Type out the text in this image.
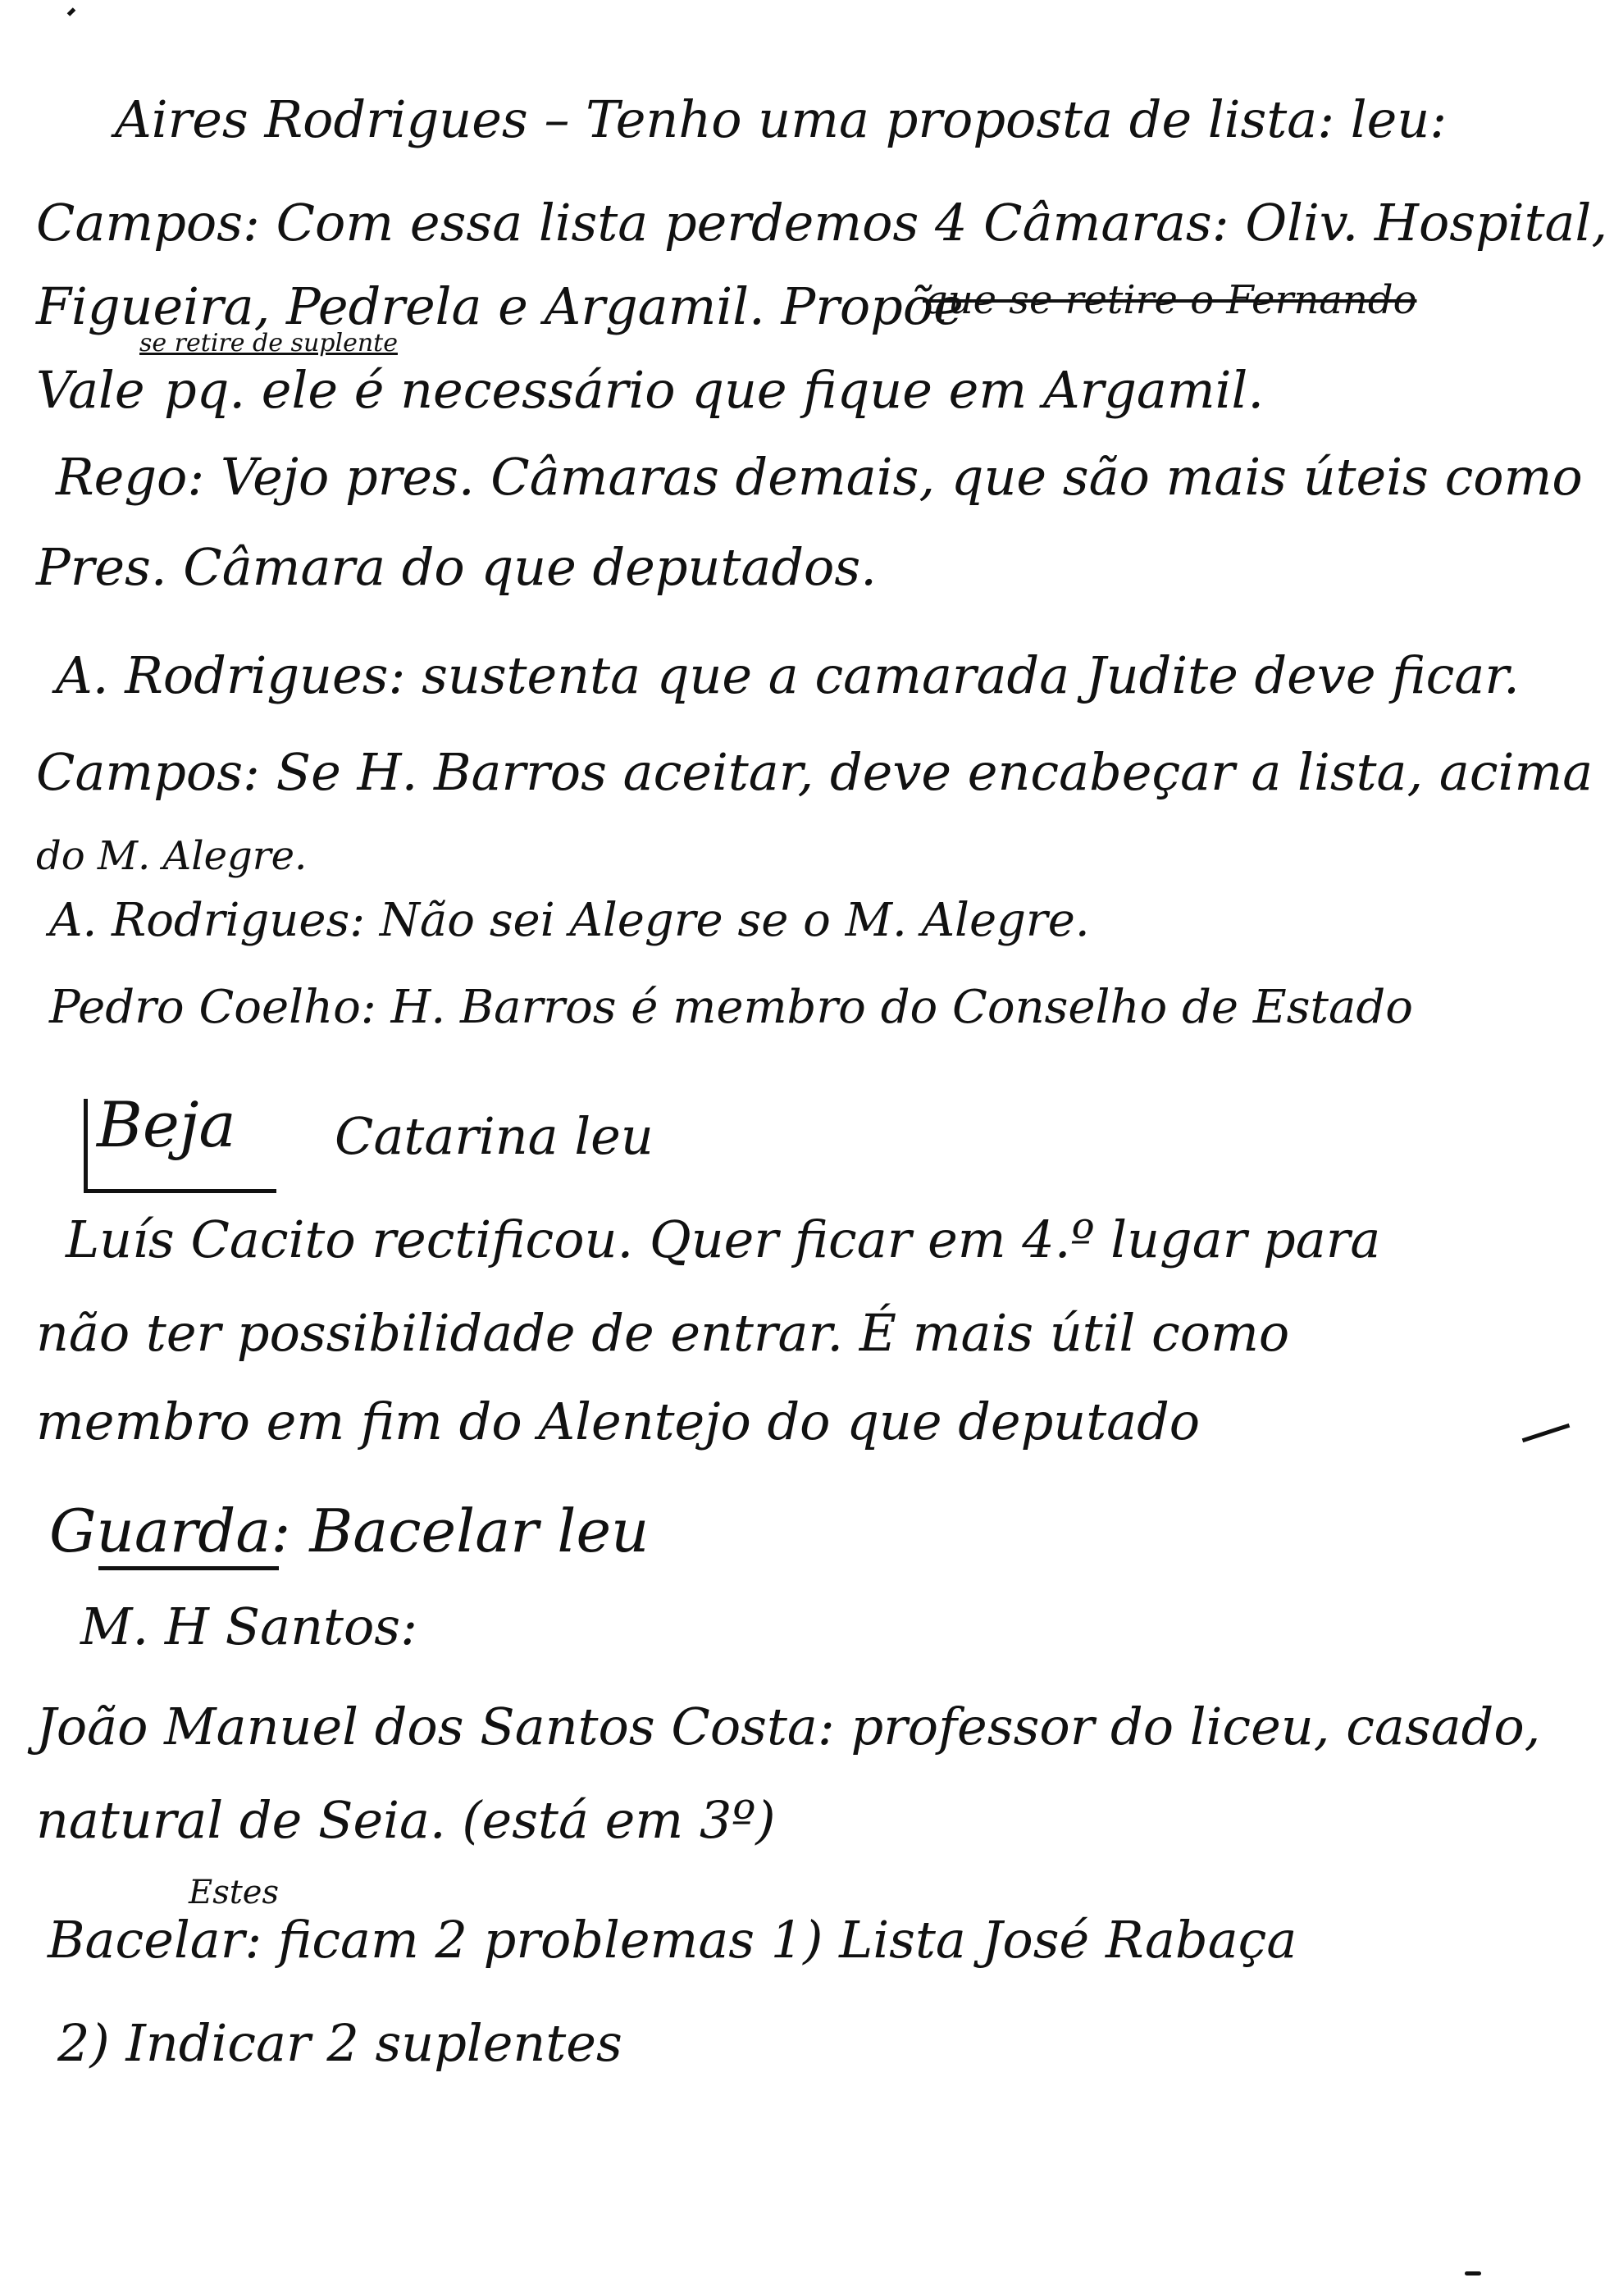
Aires Rodrigues – Tenho uma proposta de lista: leu:
Campos: Com essa lista perdemos 4 Câmaras: Oliv. Hospital,
Figueira, Pedrela e Argamil. Propõe
que se retire o Fernando
se retire de suplente
Vale pq. ele é necessário que fique em Argamil.
Rego: Vejo pres. Câmaras demais, que são mais úteis como
Pres. Câmara do que deputados.
A. Rodrigues: sustenta que a camarada Judite deve ficar.
Campos: Se H. Barros aceitar, deve encabeçar a lista, acima
do M. Alegre.
A. Rodrigues: Não sei Alegre se o M. Alegre.
Pedro Coelho: H. Barros é membro do Conselho de Estado
Beja Catarina leu
Luís Cacito rectificou. Quer ficar em 4.º lugar para
não ter possibilidade de entrar. É mais útil como
membro em fim do Alentejo do que deputado
Guarda: Bacelar leu
M. H Santos:
João Manuel dos Santos Costa: professor do liceu, casado,
natural de Seia. (está em 3º)
Estes
Bacelar: ficam 2 problemas 1) Lista José Rabaça
2) Indicar 2 suplentes
